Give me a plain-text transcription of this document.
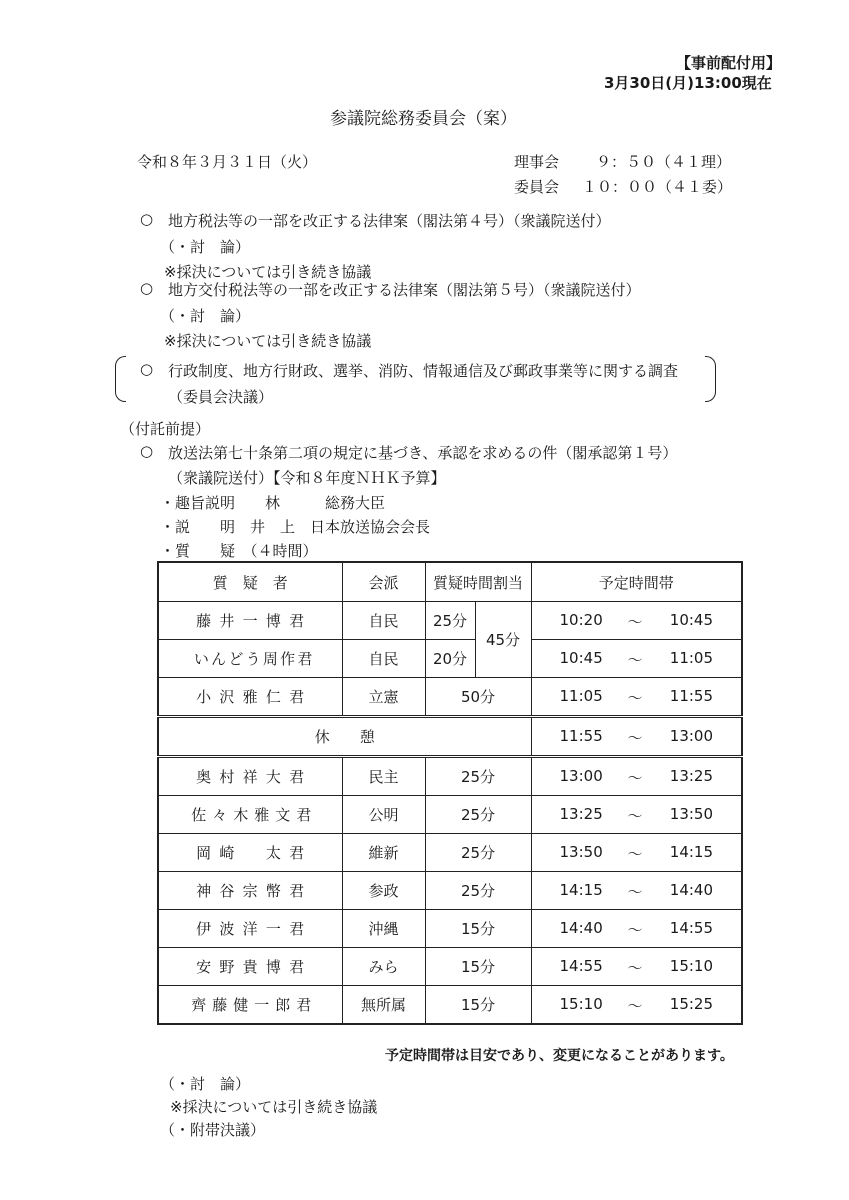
【事前配付用】
3月30日(月)13:00現在
参議院総務委員会（案）
令和８年３月３１日（火）	理事会 ９：５０（４１理）
委員会 １０：００（４１委）
○ 地方税法等の一部を改正する法律案（閣法第４号）（衆議院送付）
（・討　論）
※採決については引き続き協議
○ 地方交付税法等の一部を改正する法律案（閣法第５号）（衆議院送付）
（・討　論）
※採決については引き続き協議
○ 行政制度、地方行財政、選挙、消防、情報通信及び郵政事業等に関する調査
（委員会決議）
（付託前提）
○ 放送法第七十条第二項の規定に基づき、承認を求めるの件（閣承認第１号）
（衆議院送付）【令和８年度ＮＨＫ予算】
・趣旨説明　　林　　　総務大臣
・説　　明　井　上　日本放送協会会長
・質　　疑　（４時間）
質　疑　者	会派	質疑時間割当		予定時間帯
藤井一博君	自民	25分	45分	10:20 〜 10:45

いんどう周作君	自民	20分		10:45 〜 11:05

小沢雅仁君	立憲	50分		11:05 〜 11:55

休　　憩				11:55 〜 13:00

奥村祥大君	民主	25分		13:00 〜 13:25

佐々木雅文君	公明	25分		13:25 〜 13:50

岡崎　太君	維新	25分		13:50 〜 14:15

神谷宗幣君	参政	25分		14:15 〜 14:40

伊波洋一君	沖縄	15分		14:40 〜 14:55

安野貴博君	みら	15分		14:55 〜 15:10

齊藤健一郎君	無所属	15分		15:10 〜 15:25
予定時間帯は目安であり、変更になることがあります。
（・討　論）
※採決については引き続き協議
（・附帯決議）
